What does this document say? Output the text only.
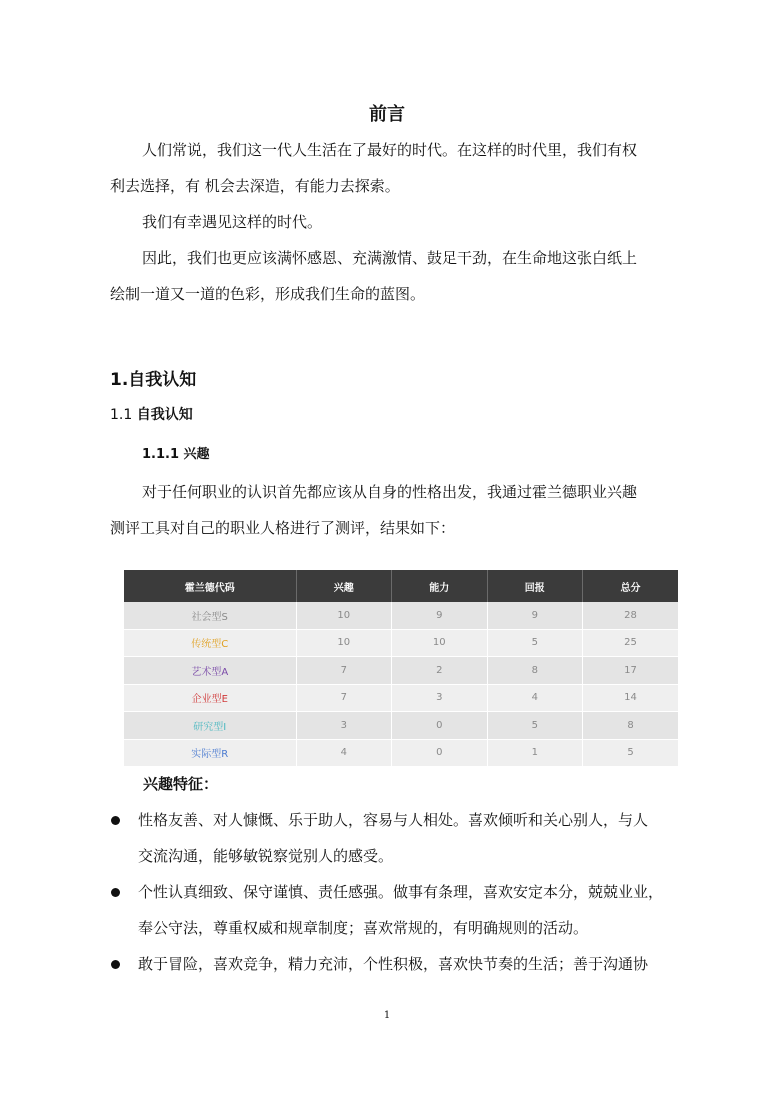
前言
人们常说，我们这一代人生活在了最好的时代。在这样的时代里，我们有权
利去选择，有 机会去深造，有能力去探索。
我们有幸遇见这样的时代。
因此，我们也更应该满怀感恩、充满激情、鼓足干劲，在生命地这张白纸上
绘制一道又一道的色彩，形成我们生命的蓝图。
1.自我认知
1.1 自我认知
1.1.1 兴趣
对于任何职业的认识首先都应该从自身的性格出发，我通过霍兰德职业兴趣
测评工具对自己的职业人格进行了测评，结果如下：
霍兰德代码	兴趣	能力	回报	总分
社会型S	10	9	9	28
传统型C	10	10	5	25
艺术型A	7	2	8	17
企业型E	7	3	4	14
研究型I	3	0	5	8
实际型R	4	0	1	5
兴趣特征：
性格友善、对人慷慨、乐于助人，容易与人相处。喜欢倾听和关心别人，与人
交流沟通，能够敏锐察觉别人的感受。
个性认真细致、保守谨慎、责任感强。做事有条理，喜欢安定本分，兢兢业业，
奉公守法，尊重权威和规章制度；喜欢常规的，有明确规则的活动。
敢于冒险，喜欢竞争，精力充沛，个性积极，喜欢快节奏的生活；善于沟通协
1
